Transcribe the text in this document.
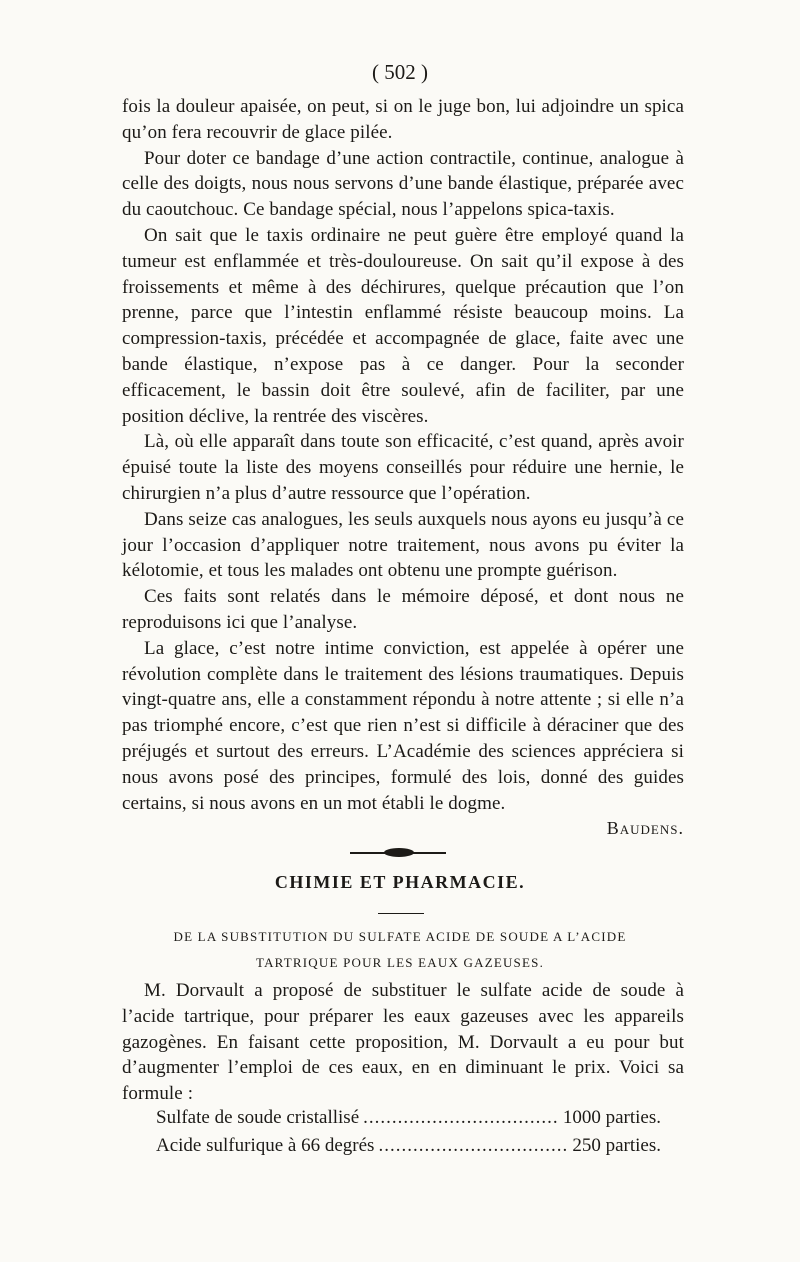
( 502 )

fois la douleur apaisée, on peut, si on le juge bon, lui adjoindre un spica qu’on fera recouvrir de glace pilée.

Pour doter ce bandage d’une action contractile, continue, analogue à celle des doigts, nous nous servons d’une bande élastique, préparée avec du caoutchouc. Ce bandage spécial, nous l’appelons spica-taxis.

On sait que le taxis ordinaire ne peut guère être employé quand la tumeur est enflammée et très-douloureuse. On sait qu’il expose à des froissements et même à des déchirures, quelque précaution que l’on prenne, parce que l’intestin enflammé résiste beaucoup moins. La compression-taxis, précédée et accompagnée de glace, faite avec une bande élastique, n’expose pas à ce danger. Pour la seconder efficacement, le bassin doit être soulevé, afin de faciliter, par une position déclive, la rentrée des viscères.

Là, où elle apparaît dans toute son efficacité, c’est quand, après avoir épuisé toute la liste des moyens conseillés pour réduire une hernie, le chirurgien n’a plus d’autre ressource que l’opération.

Dans seize cas analogues, les seuls auxquels nous ayons eu jusqu’à ce jour l’occasion d’appliquer notre traitement, nous avons pu éviter la kélotomie, et tous les malades ont obtenu une prompte guérison.

Ces faits sont relatés dans le mémoire déposé, et dont nous ne reproduisons ici que l’analyse.

La glace, c’est notre intime conviction, est appelée à opérer une révolution complète dans le traitement des lésions traumatiques. Depuis vingt-quatre ans, elle a constamment répondu à notre attente ; si elle n’a pas triomphé encore, c’est que rien n’est si difficile à déraciner que des préjugés et surtout des erreurs. L’Académie des sciences appréciera si nous avons posé des principes, formulé des lois, donné des guides certains, si nous avons en un mot établi le dogme.

Baudens.
CHIMIE ET PHARMACIE.
DE LA SUBSTITUTION DU SULFATE ACIDE DE SOUDE A L’ACIDE
TARTRIQUE POUR LES EAUX GAZEUSES.

M. Dorvault a proposé de substituer le sulfate acide de soude à l’acide tartrique, pour préparer les eaux gazeuses avec les appareils gazogènes. En faisant cette proposition, M. Dorvault a eu pour but d’augmenter l’emploi de ces eaux, en en diminuant le prix. Voici sa formule :

Sulfate de soude cristallisé .....	1000 parties.
Acide sulfurique à 66 degrés .....	250 parties.
